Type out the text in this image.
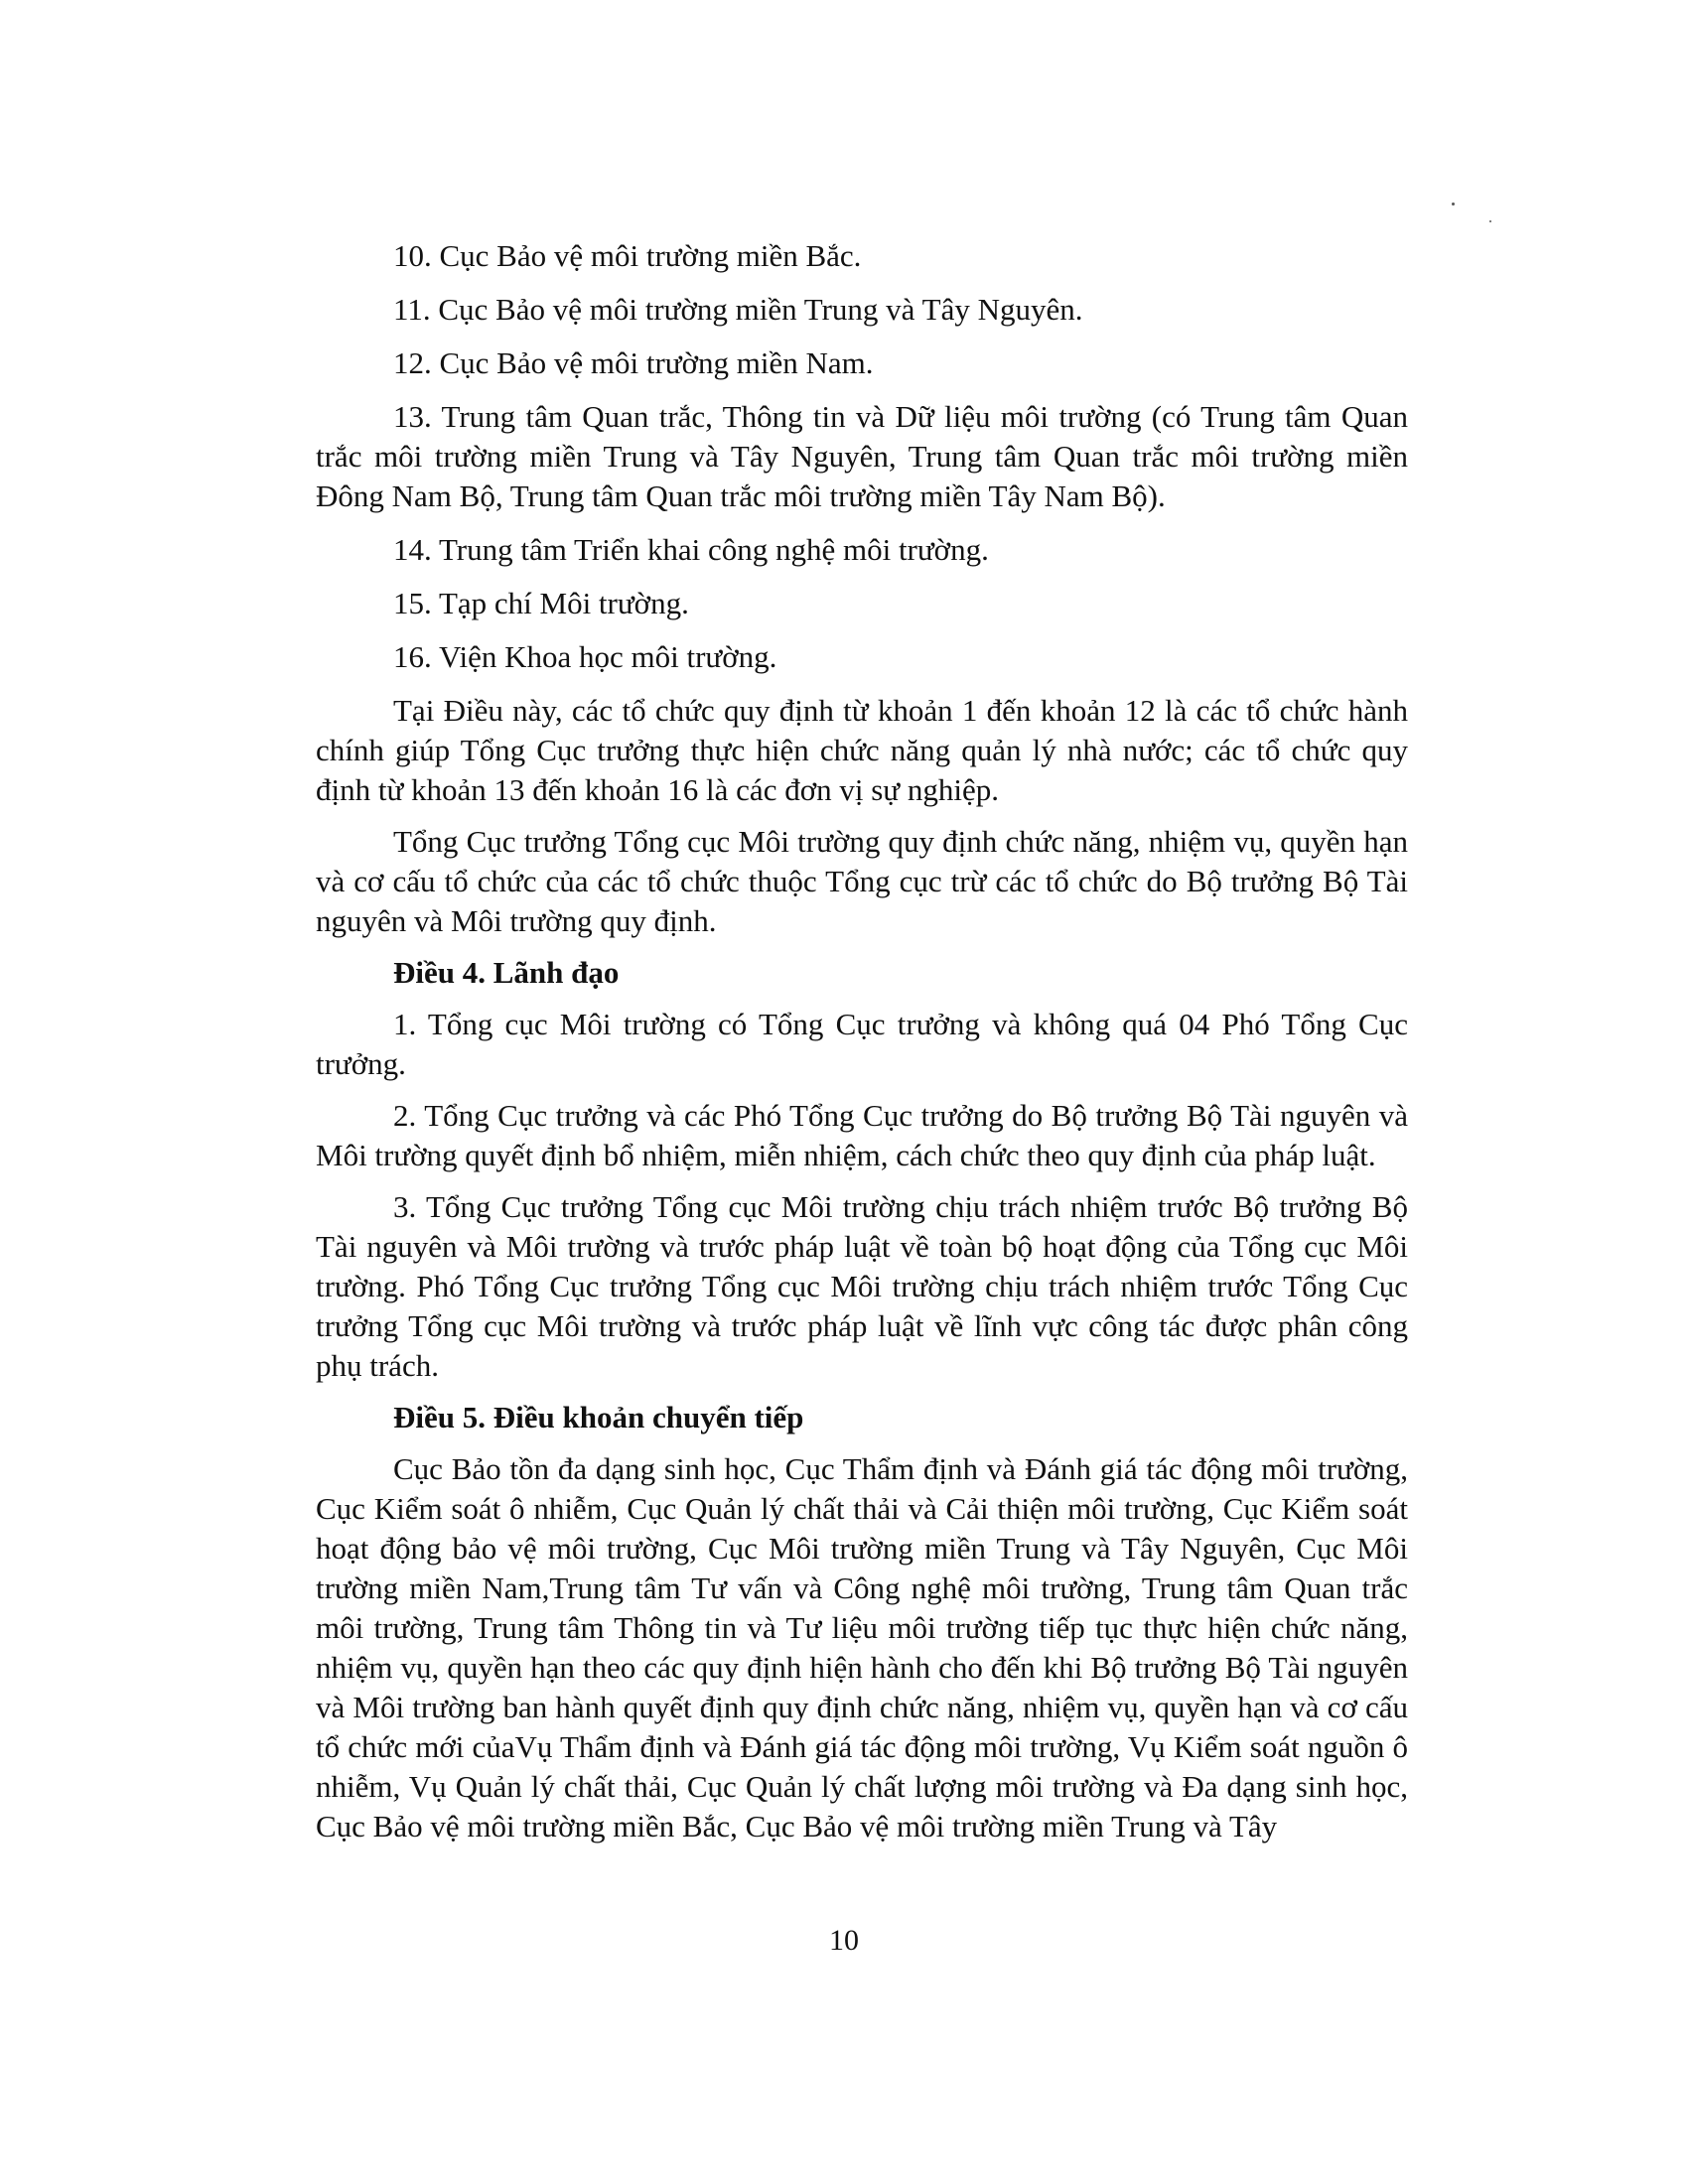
10. Cục Bảo vệ môi trường miền Bắc.

11. Cục Bảo vệ môi trường miền Trung và Tây Nguyên.

12. Cục Bảo vệ môi trường miền Nam.

13. Trung tâm Quan trắc, Thông tin và Dữ liệu môi trường (có Trung tâm Quan trắc môi trường miền Trung và Tây Nguyên, Trung tâm Quan trắc môi trường miền Đông Nam Bộ, Trung tâm Quan trắc môi trường miền Tây Nam Bộ).

14. Trung tâm Triển khai công nghệ môi trường.

15. Tạp chí Môi trường.

16. Viện Khoa học môi trường.

Tại Điều này, các tổ chức quy định từ khoản 1 đến khoản 12 là các tổ chức hành chính giúp Tổng Cục trưởng thực hiện chức năng quản lý nhà nước; các tổ chức quy định từ khoản 13 đến khoản 16 là các đơn vị sự nghiệp.

Tổng Cục trưởng Tổng cục Môi trường quy định chức năng, nhiệm vụ, quyền hạn và cơ cấu tổ chức của các tổ chức thuộc Tổng cục trừ các tổ chức do Bộ trưởng Bộ Tài nguyên và Môi trường quy định.

Điều 4. Lãnh đạo

1. Tổng cục Môi trường có Tổng Cục trưởng và không quá 04 Phó Tổng Cục trưởng.

2. Tổng Cục trưởng và các Phó Tổng Cục trưởng do Bộ trưởng Bộ Tài nguyên và Môi trường quyết định bổ nhiệm, miễn nhiệm, cách chức theo quy định của pháp luật.

3. Tổng Cục trưởng Tổng cục Môi trường chịu trách nhiệm trước Bộ trưởng Bộ Tài nguyên và Môi trường và trước pháp luật về toàn bộ hoạt động của Tổng cục Môi trường. Phó Tổng Cục trưởng Tổng cục Môi trường chịu trách nhiệm trước Tổng Cục trưởng Tổng cục Môi trường và trước pháp luật về lĩnh vực công tác được phân công phụ trách.

Điều 5. Điều khoản chuyển tiếp

Cục Bảo tồn đa dạng sinh học, Cục Thẩm định và Đánh giá tác động môi trường, Cục Kiểm soát ô nhiễm, Cục Quản lý chất thải và Cải thiện môi trường, Cục Kiểm soát hoạt động bảo vệ môi trường, Cục Môi trường miền Trung và Tây Nguyên, Cục Môi trường miền Nam,Trung tâm Tư vấn và Công nghệ môi trường, Trung tâm Quan trắc môi trường, Trung tâm Thông tin và Tư liệu môi trường tiếp tục thực hiện chức năng, nhiệm vụ, quyền hạn theo các quy định hiện hành cho đến khi Bộ trưởng Bộ Tài nguyên và Môi trường ban hành quyết định quy định chức năng, nhiệm vụ, quyền hạn và cơ cấu tổ chức mới củaVụ Thẩm định và Đánh giá tác động môi trường, Vụ Kiểm soát nguồn ô nhiễm, Vụ Quản lý chất thải, Cục Quản lý chất lượng môi trường và Đa dạng sinh học, Cục Bảo vệ môi trường miền Bắc, Cục Bảo vệ môi trường miền Trung và Tây

10
